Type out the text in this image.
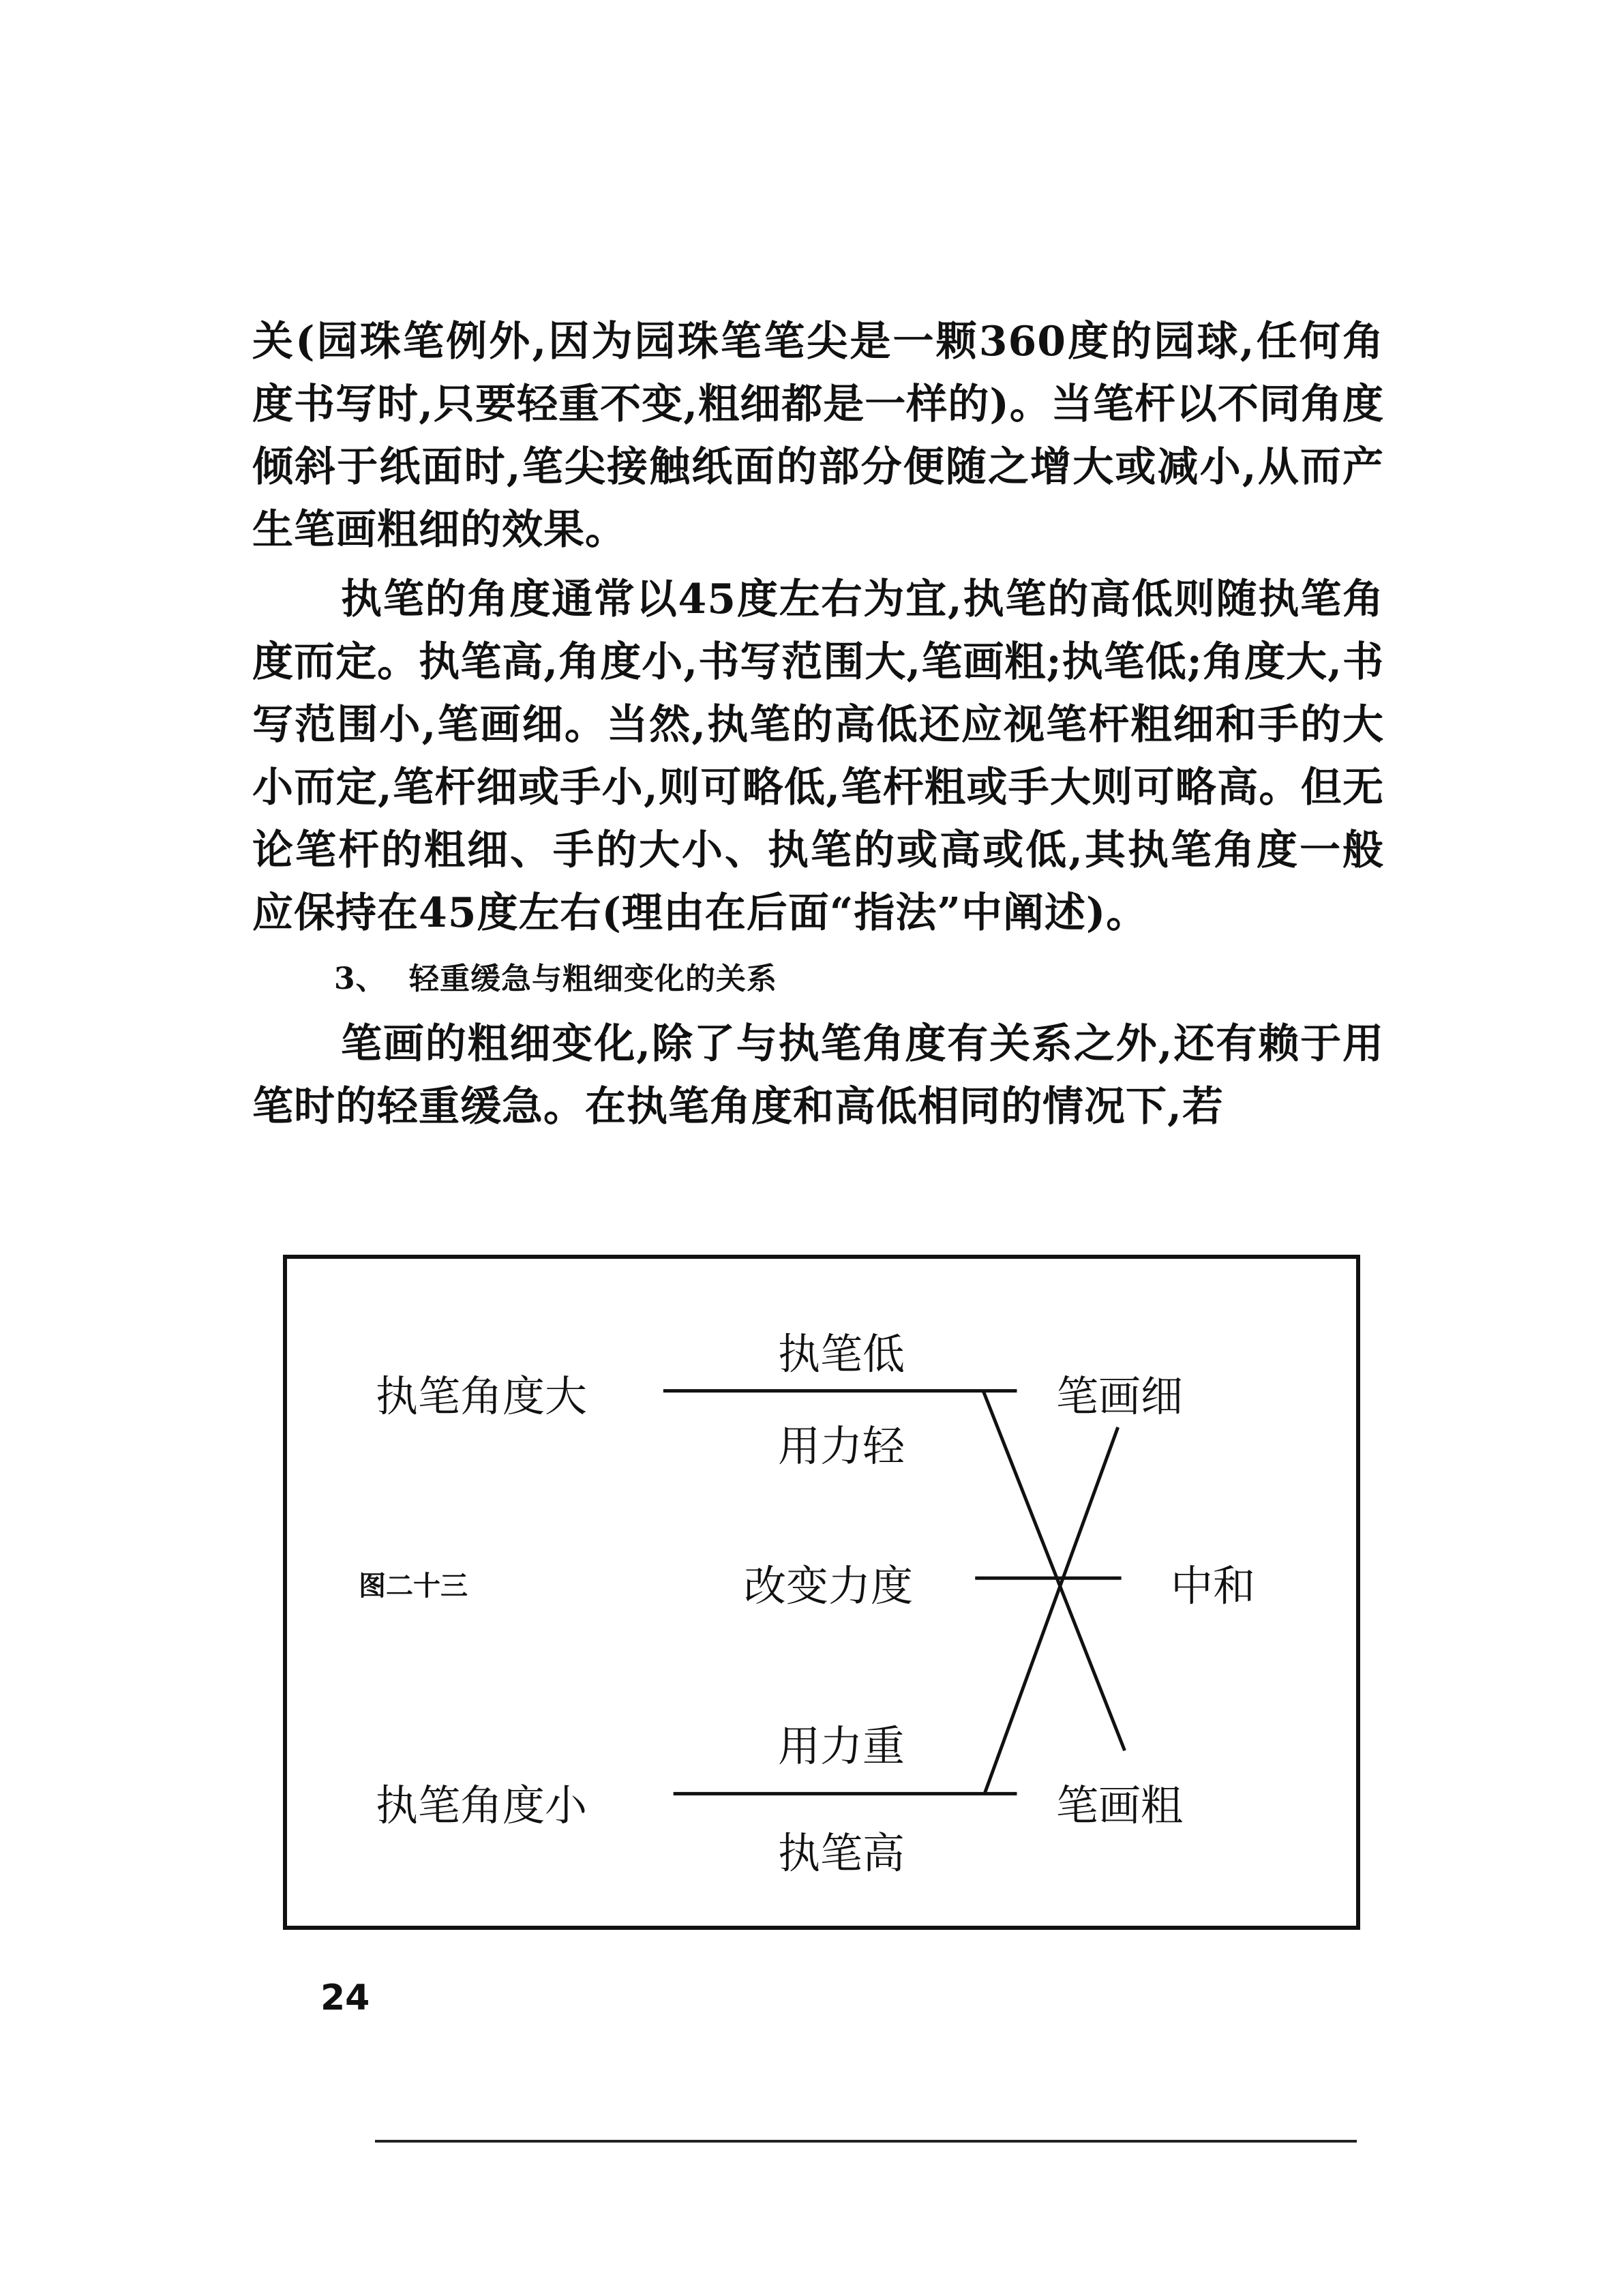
关(园珠笔例外,因为园珠笔笔尖是一颗360度的园球,任何角度书写时,只要轻重不变,粗细都是一样的)。当笔杆以不同角度倾斜于纸面时,笔尖接触纸面的部分便随之增大或减小,从而产生笔画粗细的效果。

执笔的角度通常以45度左右为宜,执笔的高低则随执笔角度而定。执笔高,角度小,书写范围大,笔画粗;执笔低;角度大,书写范围小,笔画细。当然,执笔的高低还应视笔杆粗细和手的大小而定,笔杆细或手小,则可略低,笔杆粗或手大则可略高。但无论笔杆的粗细、手的大小、执笔的或高或低,其执笔角度一般应保持在45度左右(理由在后面“指法”中阐述)。

3、 轻重缓急与粗细变化的关系

笔画的粗细变化,除了与执笔角度有关系之外,还有赖于用笔时的轻重缓急。在执笔角度和高低相同的情况下,若

执笔角度大
执笔角度小
执笔低
用力轻
改变力度
用力重
执笔高
笔画细
中和
笔画粗
图二十三
24
